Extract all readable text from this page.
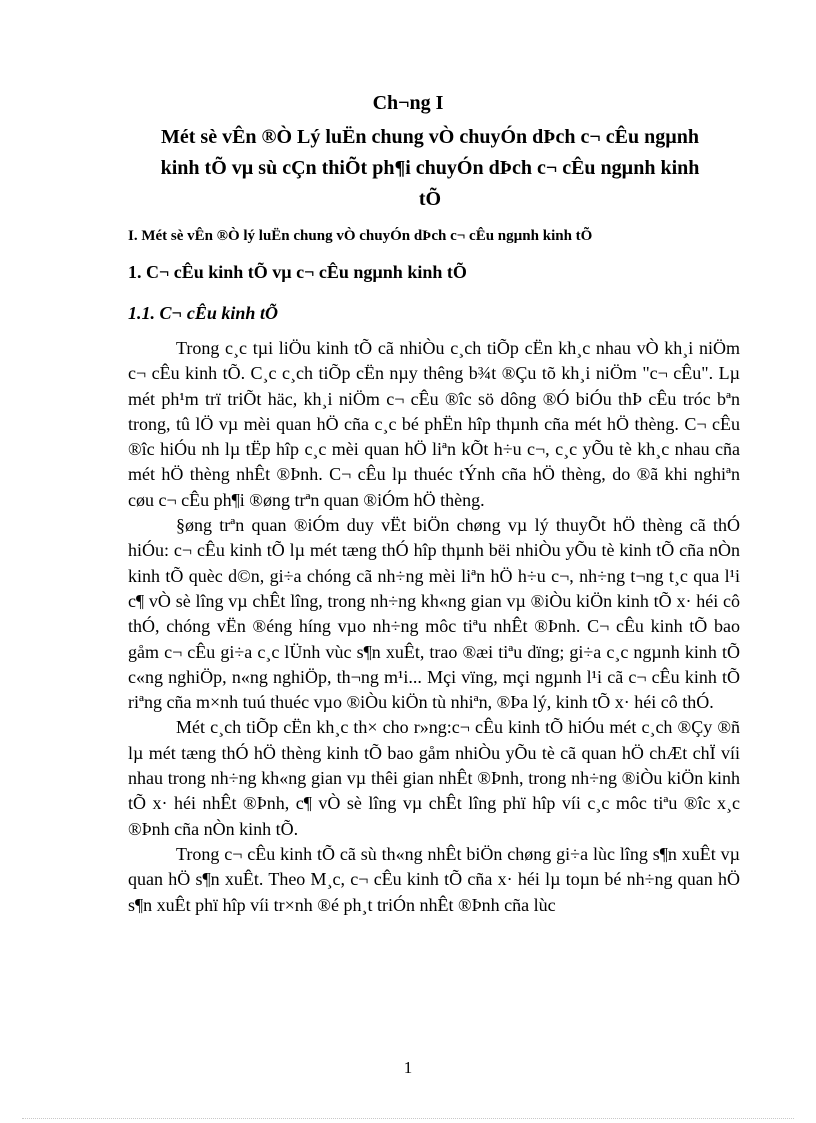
Ch¬ng I
Mét sè vÊn ®Ò Lý luËn chung vÒ chuyÓn dÞch c¬ cÊu ngµnh
kinh tÕ vµ sù cÇn thiÕt ph¶i chuyÓn dÞch c¬ cÊu ngµnh kinh
tÕ
I. Mét sè vÊn ®Ò lý luËn chung vÒ chuyÓn dÞch c¬ cÊu ngµnh kinh tÕ
1. C¬ cÊu kinh tÕ vµ c¬ cÊu ngµnh kinh tÕ
1.1. C¬ cÊu kinh tÕ

Trong c¸c tµi liÖu kinh tÕ cã nhiÒu c¸ch tiÕp cËn kh¸c nhau vÒ kh¸i niÖm c¬ cÊu kinh tÕ. C¸c c¸ch tiÕp cËn nµy thêng b¾t ®Çu tõ kh¸i niÖm "c¬ cÊu". Lµ mét ph¹m trï triÕt häc, kh¸i niÖm c¬ cÊu ®îc sö dông ®Ó biÓu thÞ cÊu tróc bªn trong, tû lÖ vµ mèi quan hÖ cña c¸c bé phËn hîp thµnh cña mét hÖ thèng. C¬ cÊu ®îc hiÓu nh lµ tËp hîp c¸c mèi quan hÖ liªn kÕt h÷u c¬, c¸c yÕu tè kh¸c nhau cña mét hÖ thèng nhÊt ®Þnh. C¬ cÊu lµ thuéc tÝnh cña hÖ thèng, do ®ã khi nghiªn cøu c¬ cÊu ph¶i ®øng trªn quan ®iÓm hÖ thèng.

§øng trªn quan ®iÓm duy vËt biÖn chøng vµ lý thuyÕt hÖ thèng cã thÓ hiÓu: c¬ cÊu kinh tÕ lµ mét tæng thÓ hîp thµnh bëi nhiÒu yÕu tè kinh tÕ cña nÒn kinh tÕ quèc d©n, gi÷a chóng cã nh÷ng mèi liªn hÖ h÷u c¬, nh÷ng t¬ng t¸c qua l¹i c¶ vÒ sè lîng vµ chÊt lîng, trong nh÷ng kh«ng gian vµ ®iÒu kiÖn kinh tÕ x· héi cô thÓ, chóng vËn ®éng híng vµo nh÷ng môc tiªu nhÊt ®Þnh. C¬ cÊu kinh tÕ bao gåm c¬ cÊu gi÷a c¸c lÜnh vùc s¶n xuÊt, trao ®æi tiªu dïng; gi÷a c¸c ngµnh kinh tÕ c«ng nghiÖp, n«ng nghiÖp, th¬ng m¹i... Mçi vïng, mçi ngµnh l¹i cã c¬ cÊu kinh tÕ riªng cña m×nh tuú thuéc vµo ®iÒu kiÖn tù nhiªn, ®Þa lý, kinh tÕ x· héi cô thÓ.

Mét c¸ch tiÕp cËn kh¸c th× cho r»ng:c¬ cÊu kinh tÕ hiÓu mét c¸ch ®Çy ®ñ lµ mét tæng thÓ hÖ thèng kinh tÕ bao gåm nhiÒu yÕu tè cã quan hÖ chÆt chÏ víi nhau trong nh÷ng kh«ng gian vµ thêi gian nhÊt ®Þnh, trong nh÷ng ®iÒu kiÖn kinh tÕ x· héi nhÊt ®Þnh, c¶ vÒ sè lîng vµ chÊt lîng phï hîp víi c¸c môc tiªu ®îc x¸c ®Þnh cña nÒn kinh tÕ.

Trong c¬ cÊu kinh tÕ cã sù th«ng nhÊt biÖn chøng gi÷a lùc lîng s¶n xuÊt vµ quan hÖ s¶n xuÊt. Theo M¸c, c¬ cÊu kinh tÕ cña x· héi lµ toµn bé nh÷ng quan hÖ s¶n xuÊt phï hîp víi tr×nh ®é ph¸t triÓn nhÊt ®Þnh cña lùc

1
